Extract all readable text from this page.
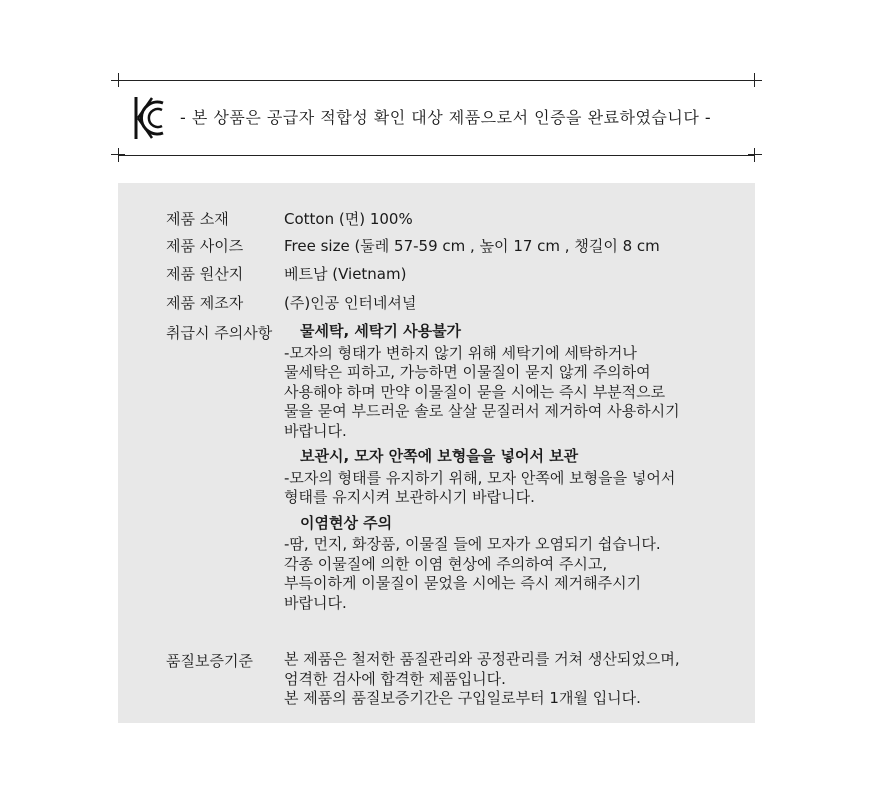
- 본 상품은 공급자 적합성 확인 대상 제품으로서 인증을 완료하였습니다 -
제품 소재	Cotton (면) 100%
제품 사이즈	Free size (둘레 57-59 cm , 높이 17 cm , 챙길이 8 cm
제품 원산지	베트남 (Vietnam)
제품 제조자	(주)인공 인터네셔널
취급시 주의사항	물세탁, 세탁기 사용불가
-모자의 형태가 변하지 않기 위해 세탁기에 세탁하거나
물세탁은 피하고, 가능하면 이물질이 묻지 않게 주의하여
사용해야 하며 만약 이물질이 묻을 시에는 즉시 부분적으로
물을 묻여 부드러운 솔로 살살 문질러서 제거하여 사용하시기
바랍니다.
보관시, 모자 안쪽에 보형을을 넣어서 보관
-모자의 형태를 유지하기 위해, 모자 안쪽에 보형을을 넣어서
형태를 유지시켜 보관하시기 바랍니다.
이염현상 주의
-땀, 먼지, 화장품, 이물질 들에 모자가 오염되기 쉽습니다.
각종 이물질에 의한 이염 현상에 주의하여 주시고,
부득이하게 이물질이 묻었을 시에는 즉시 제거해주시기
바랍니다.
품질보증기준 본 제품은 철저한 품질관리와 공정관리를 거쳐 생산되었으며,
엄격한 검사에 합격한 제품입니다.
본 제품의 품질보증기간은 구입일로부터 1개월 입니다.
